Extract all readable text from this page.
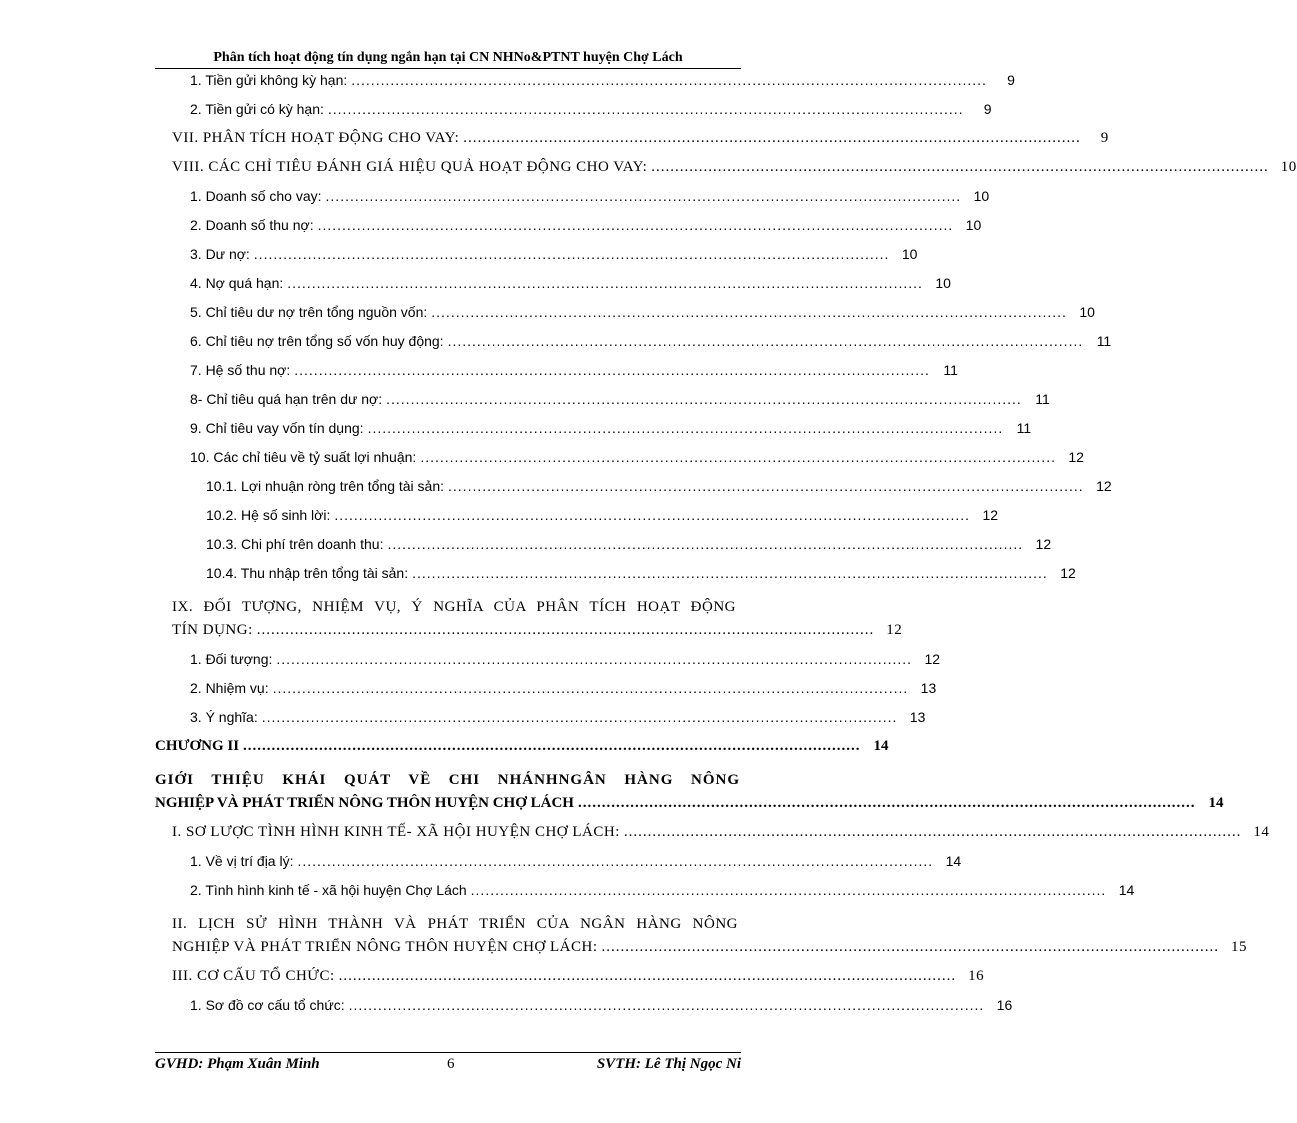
Phân tích hoạt động tín dụng ngắn hạn tại CN NHNo&PTNT huyện Chợ Lách
1. Tiền gửi không kỳ hạn: ..................................................................................................................................	9
2. Tiền gửi có kỳ hạn: ..................................................................................................................................	9
VII. PHÂN TÍCH HOẠT ĐỘNG CHO VAY: ..................................................................................................................................	9
VIII. CÁC CHỈ TIÊU ĐÁNH GIÁ HIỆU QUẢ HOẠT ĐỘNG CHO VAY: .................................................................................................................................. 10
1. Doanh số cho vay: .................................................................................................................................. 10
2. Doanh số thu nợ: .................................................................................................................................. 10
3. Dư nợ: .................................................................................................................................. 10
4. Nợ quá hạn: .................................................................................................................................. 10
5. Chỉ tiêu dư nợ trên tổng nguồn vốn: .................................................................................................................................. 10
6. Chỉ tiêu nợ trên tổng số vốn huy động: .................................................................................................................................. 11
7. Hệ số thu nợ: .................................................................................................................................. 11
8- Chỉ tiêu quá hạn trên dư nợ: .................................................................................................................................. 11
9. Chỉ tiêu vay vốn tín dụng: .................................................................................................................................. 11
10. Các chỉ tiêu về tỷ suất lợi nhuận: .................................................................................................................................. 12
10.1. Lợi nhuận ròng trên tổng tài sản: .................................................................................................................................. 12
10.2. Hệ số sinh lời: .................................................................................................................................. 12
10.3. Chi phí trên doanh thu: .................................................................................................................................. 12
10.4. Thu nhập trên tổng tài sản: .................................................................................................................................. 12
IX. ĐỐI TƯỢNG, NHIỆM VỤ, Ý NGHĨA CỦA PHÂN TÍCH HOẠT ĐỘNG
TÍN DỤNG: .................................................................................................................................. 12
1. Đối tượng: .................................................................................................................................. 12
2. Nhiệm vụ: .................................................................................................................................. 13
3. Ý nghĩa: .................................................................................................................................. 13
CHƯƠNG II .................................................................................................................................. 14
GIỚI THIỆU KHÁI QUÁT VỀ CHI NHÁNHNGÂN HÀNG NÔNG
NGHIỆP VÀ PHÁT TRIỂN NÔNG THÔN HUYỆN CHỢ LÁCH .................................................................................................................................. 14
I. SƠ LƯỢC TÌNH HÌNH KINH TẾ- XÃ HỘI HUYỆN CHỢ LÁCH: .................................................................................................................................. 14
1. Về vị trí địa lý: .................................................................................................................................. 14
2. Tình hình kinh tế - xã hội huyện Chợ Lách .................................................................................................................................. 14
II. LỊCH SỬ HÌNH THÀNH VÀ PHÁT TRIỂN CỦA NGÂN HÀNG NÔNG
NGHIỆP VÀ PHÁT TRIỂN NÔNG THÔN HUYỆN CHỢ LÁCH: .................................................................................................................................. 15
III. CƠ CẤU TỔ CHỨC: .................................................................................................................................. 16
1. Sơ đồ cơ cấu tổ chức: .................................................................................................................................. 16
GVHD: Phạm Xuân Minh	6	SVTH: Lê Thị Ngọc Ni
